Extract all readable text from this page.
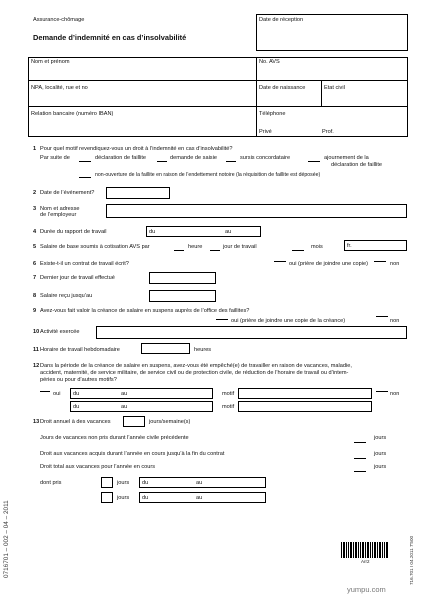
Assurance-chômage
Demande d’indemnité en cas d’insolvabilité
Date de réception
Nom et prénom	No. AVS
NPA, localité, rue et no	Date de naissance	Etat civil
Relation bancaire (numéro IBAN)	Téléphone
Privé	Prof.
1 Pour quel motif revendiquez-vous un droit à l’indemnité en cas d’insolvabilité?
Par suite de	déclaration de faillite	demande de saisie	sursis concordataire	ajournement de la
déclaration de faillite
non-ouverture de la faillite en raison de l’endettement notoire (la réquisition de faillite est déposée)
2 Date de l’événement?
3 Nom et adresse
de l’employeur
4 Durée du rapport de travail	du	au
5 Salaire de base soumis à cotisation AVS par	heure	jour de travail	mois	fr.
6 Existe-t-il un contrat de travail écrit?	oui (prière de joindre une copie)	non
7 Dernier jour de travail effectué
8 Salaire reçu jusqu’au
9 Avez-vous fait valoir la créance de salaire en suspens auprès de l’office des faillites?
oui (prière de joindre une copie de la créance)	non
10 Activité exercée
11 Horaire de travail hebdomadaire	heures
12 Dans la période de la créance de salaire en suspens, avez-vous été empêché(e) de travailler en raison de vacances, maladie,
accident, maternité, de service militaire, de service civil ou de protection civile, de réduction de l’horaire de travail ou d’intem-
péries ou pour d’autres motifs?
oui du	au	motif	non
du	au	motif
13 Droit annuel à des vacances	jours/semaine(s)
Jours de vacances non pris durant l’année civile précédente	jours
Droit aux vacances acquis durant l’année en cours jusqu’à la fin du contrat	jours
Droit total aux vacances pour l’année en cours	jours
dont pris	jours du	au
jours du	au
0716701 – 002 – 04 – 2011	716.701 I 04.2011 7'500
Arr2
yumpu.com
